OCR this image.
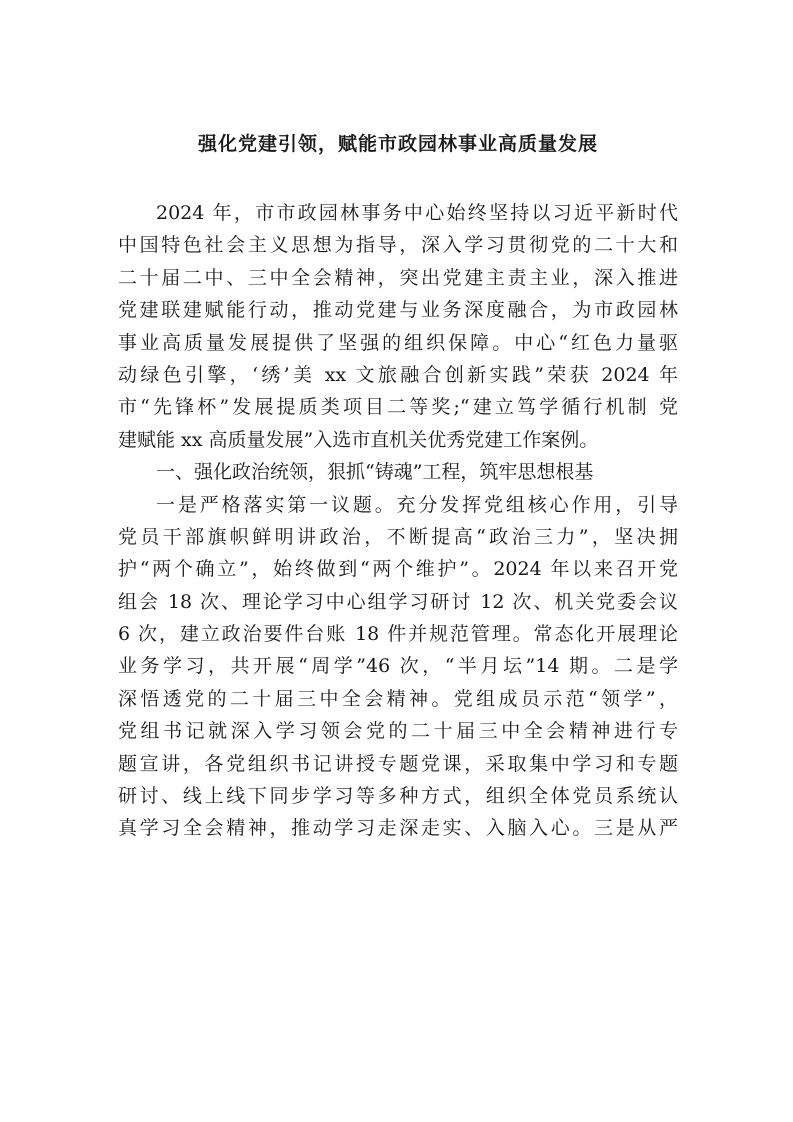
强化党建引领，赋能市政园林事业高质量发展
2024 年，市市政园林事务中心始终坚持以习近平新时代
中国特色社会主义思想为指导，深入学习贯彻党的二十大和
二十届二中、三中全会精神，突出党建主责主业，深入推进
党建联建赋能行动，推动党建与业务深度融合，为市政园林
事业高质量发展提供了坚强的组织保障。中心“红色力量驱
动绿色引擎，‘绣’美 xx 文旅融合创新实践”荣获 2024 年
市“先锋杯”发展提质类项目二等奖;“建立笃学循行机制 党
建赋能 xx 高质量发展”入选市直机关优秀党建工作案例。
一、强化政治统领，狠抓“铸魂”工程，筑牢思想根基
一是严格落实第一议题。充分发挥党组核心作用，引导
党员干部旗帜鲜明讲政治，不断提高“政治三力”，坚决拥
护“两个确立”，始终做到“两个维护”。2024 年以来召开党
组会 18 次、理论学习中心组学习研讨 12 次、机关党委会议
6 次，建立政治要件台账 18 件并规范管理。常态化开展理论
业务学习，共开展“周学”46 次，“半月坛”14 期。二是学
深悟透党的二十届三中全会精神。党组成员示范“领学”，
党组书记就深入学习领会党的二十届三中全会精神进行专
题宣讲，各党组织书记讲授专题党课，采取集中学习和专题
研讨、线上线下同步学习等多种方式，组织全体党员系统认
真学习全会精神，推动学习走深走实、入脑入心。三是从严
